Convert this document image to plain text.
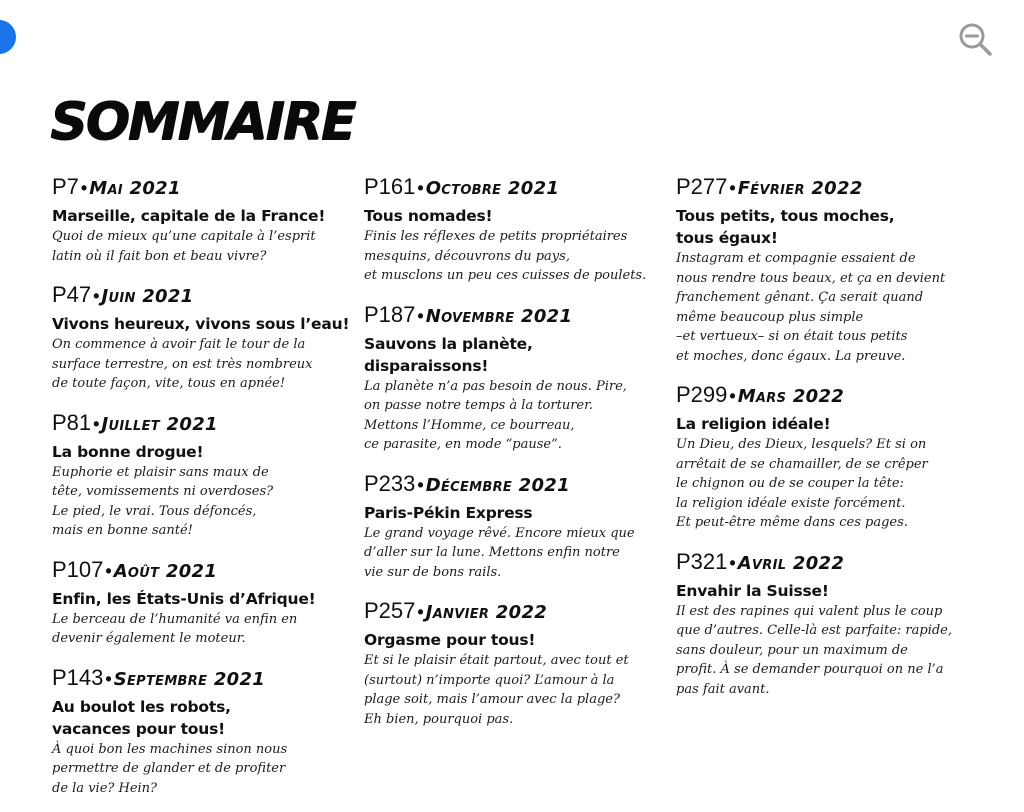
SOMMAIRE
P7 • Mai 2021
Marseille, capitale de la France!
Quoi de mieux qu’une capitale à l’esprit
latin où il fait bon et beau vivre?
P47 • Juin 2021
Vivons heureux, vivons sous l’eau!
On commence à avoir fait le tour de la
surface terrestre, on est très nombreux
de toute façon, vite, tous en apnée!
P81 • Juillet 2021
La bonne drogue!
Euphorie et plaisir sans maux de
tête, vomissements ni overdoses?
Le pied, le vrai. Tous défoncés,
mais en bonne santé!
P107 • Août 2021
Enfin, les États-Unis d’Afrique!
Le berceau de l’humanité va enfin en
devenir également le moteur.
P143 • Septembre 2021
Au boulot les robots,
vacances pour tous!
À quoi bon les machines sinon nous
permettre de glander et de profiter
de la vie? Hein?
P161 • Octobre 2021
Tous nomades!
Finis les réflexes de petits propriétaires
mesquins, découvrons du pays,
et musclons un peu ces cuisses de poulets.
P187 • Novembre 2021
Sauvons la planète,
disparaissons!
La planète n’a pas besoin de nous. Pire,
on passe notre temps à la torturer.
Mettons l’Homme, ce bourreau,
ce parasite, en mode “pause”.
P233 • Décembre 2021
Paris-Pékin Express
Le grand voyage rêvé. Encore mieux que
d’aller sur la lune. Mettons enfin notre
vie sur de bons rails.
P257 • Janvier 2022
Orgasme pour tous!
Et si le plaisir était partout, avec tout et
(surtout) n’importe quoi? L’amour à la
plage soit, mais l’amour avec la plage?
Eh bien, pourquoi pas.
P277 • Février 2022
Tous petits, tous moches,
tous égaux!
Instagram et compagnie essaient de
nous rendre tous beaux, et ça en devient
franchement gênant. Ça serait quand
même beaucoup plus simple
–et vertueux– si on était tous petits
et moches, donc égaux. La preuve.
P299 • Mars 2022
La religion idéale!
Un Dieu, des Dieux, lesquels? Et si on
arrêtait de se chamailler, de se crêper
le chignon ou de se couper la tête:
la religion idéale existe forcément.
Et peut-être même dans ces pages.
P321 • Avril 2022
Envahir la Suisse!
Il est des rapines qui valent plus le coup
que d’autres. Celle-là est parfaite: rapide,
sans douleur, pour un maximum de
profit. À se demander pourquoi on ne l’a
pas fait avant.
